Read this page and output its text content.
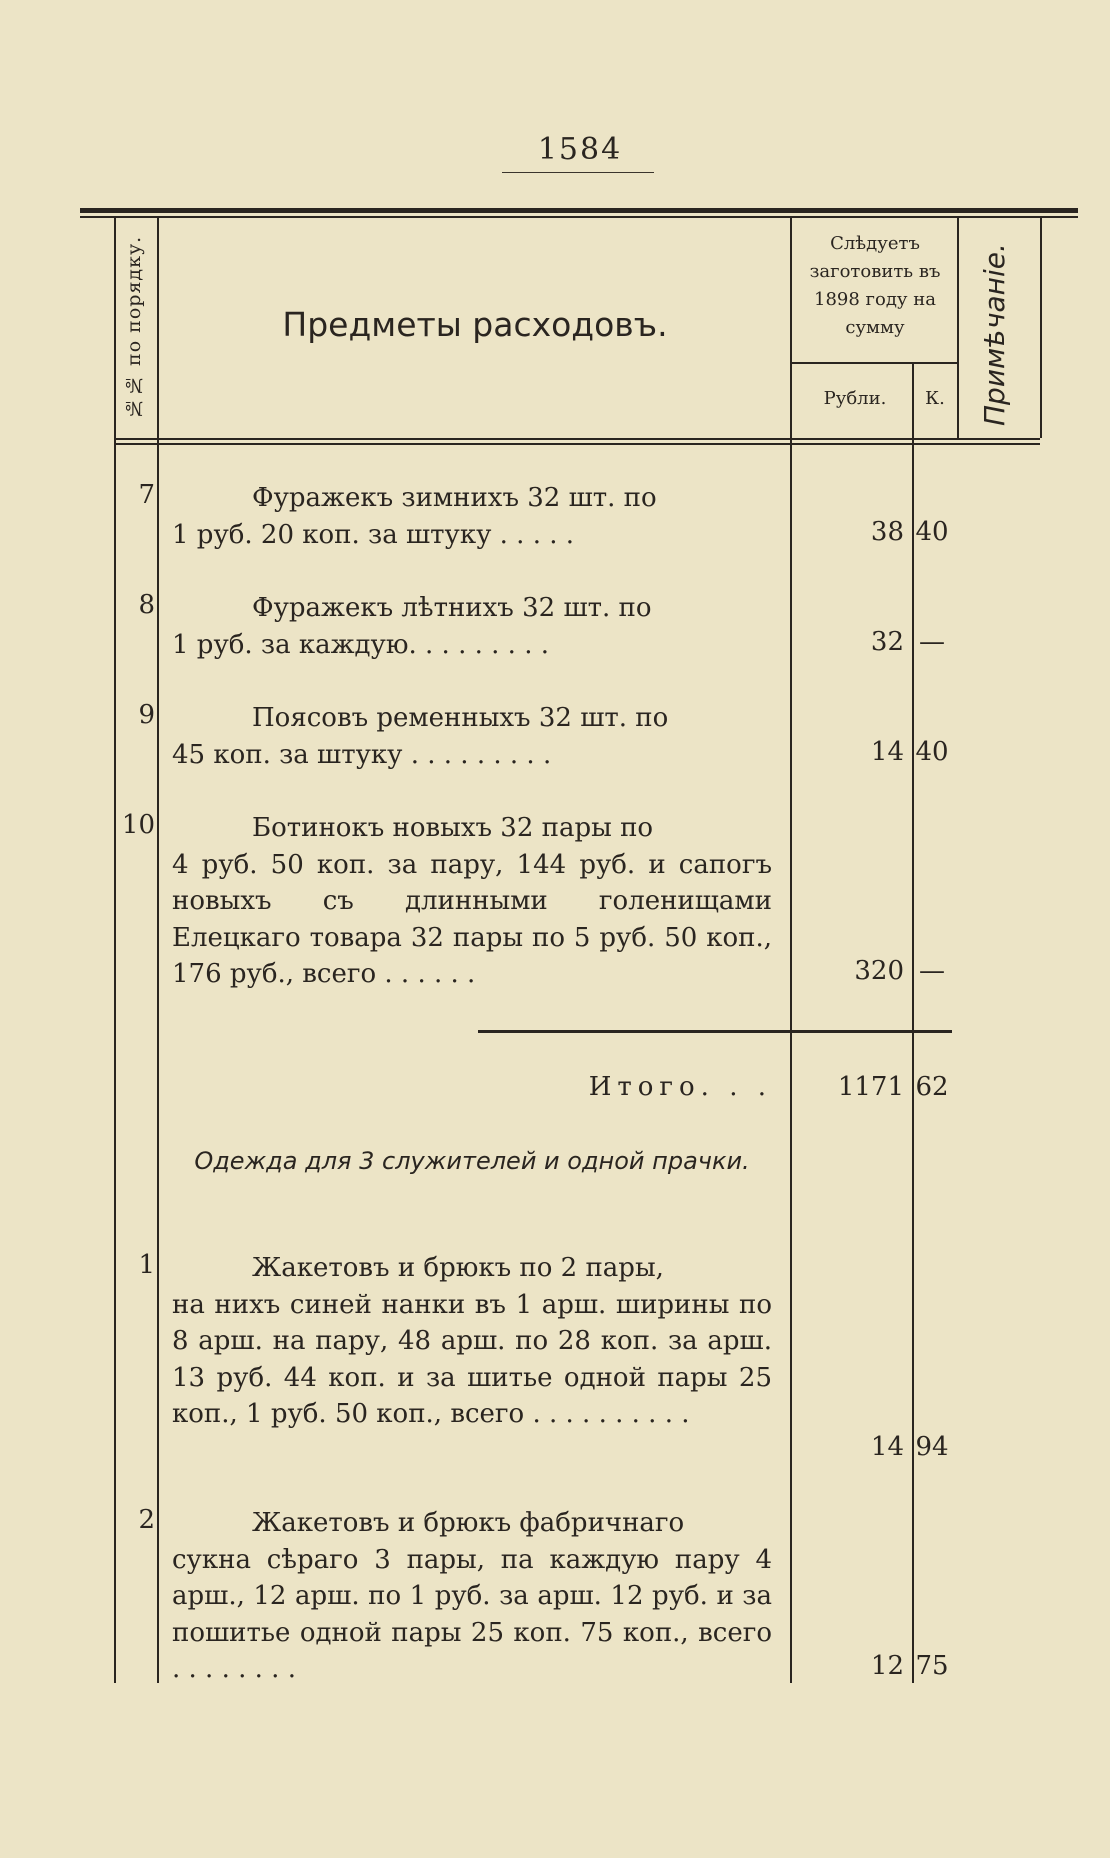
1584
№№ по порядку.	Предметы расходовъ.
Слѣдуетъ заготовить въ 1898 году на сумму
Рубли.	К.	Примѣчаніе.
7	Фуражекъ зимнихъ 32 шт. по

1 руб. 20 коп. за штуку . . . . .	38 40
8	Фуражекъ лѣтнихъ 32 шт. по

1 руб. за каждую. . . . . . . . .	32 —
9	Поясовъ ременныхъ 32 шт. по

45 коп. за штуку . . . . . . . . .	14 40
10	Ботинокъ новыхъ 32 пары по

4 руб. 50 коп. за пару, 144 руб. и сапогъ новыхъ съ длинными голенищами Елецкаго товара 32 пары по 5 руб. 50 коп., 176 руб., всего . . . . . .	320 —
Итого. . .	1171 62
Одежда для 3 служителей и одной прачки.
1	Жакетовъ и брюкъ по 2 пары,

на нихъ синей нанки въ 1 арш. ширины по 8 арш. на пару, 48 арш. по 28 коп. за арш. 13 руб. 44 коп. и за шитье одной пары 25 коп., 1 руб. 50 коп., всего . . . . . . . . . .

14 94
2	Жакетовъ и брюкъ фабричнаго

сукна сѣраго 3 пары, па каждую пару 4 арш., 12 арш. по 1 руб. за арш. 12 руб. и за пошитье одной пары 25 коп. 75 коп., всего . . . . . . . .	12 75
